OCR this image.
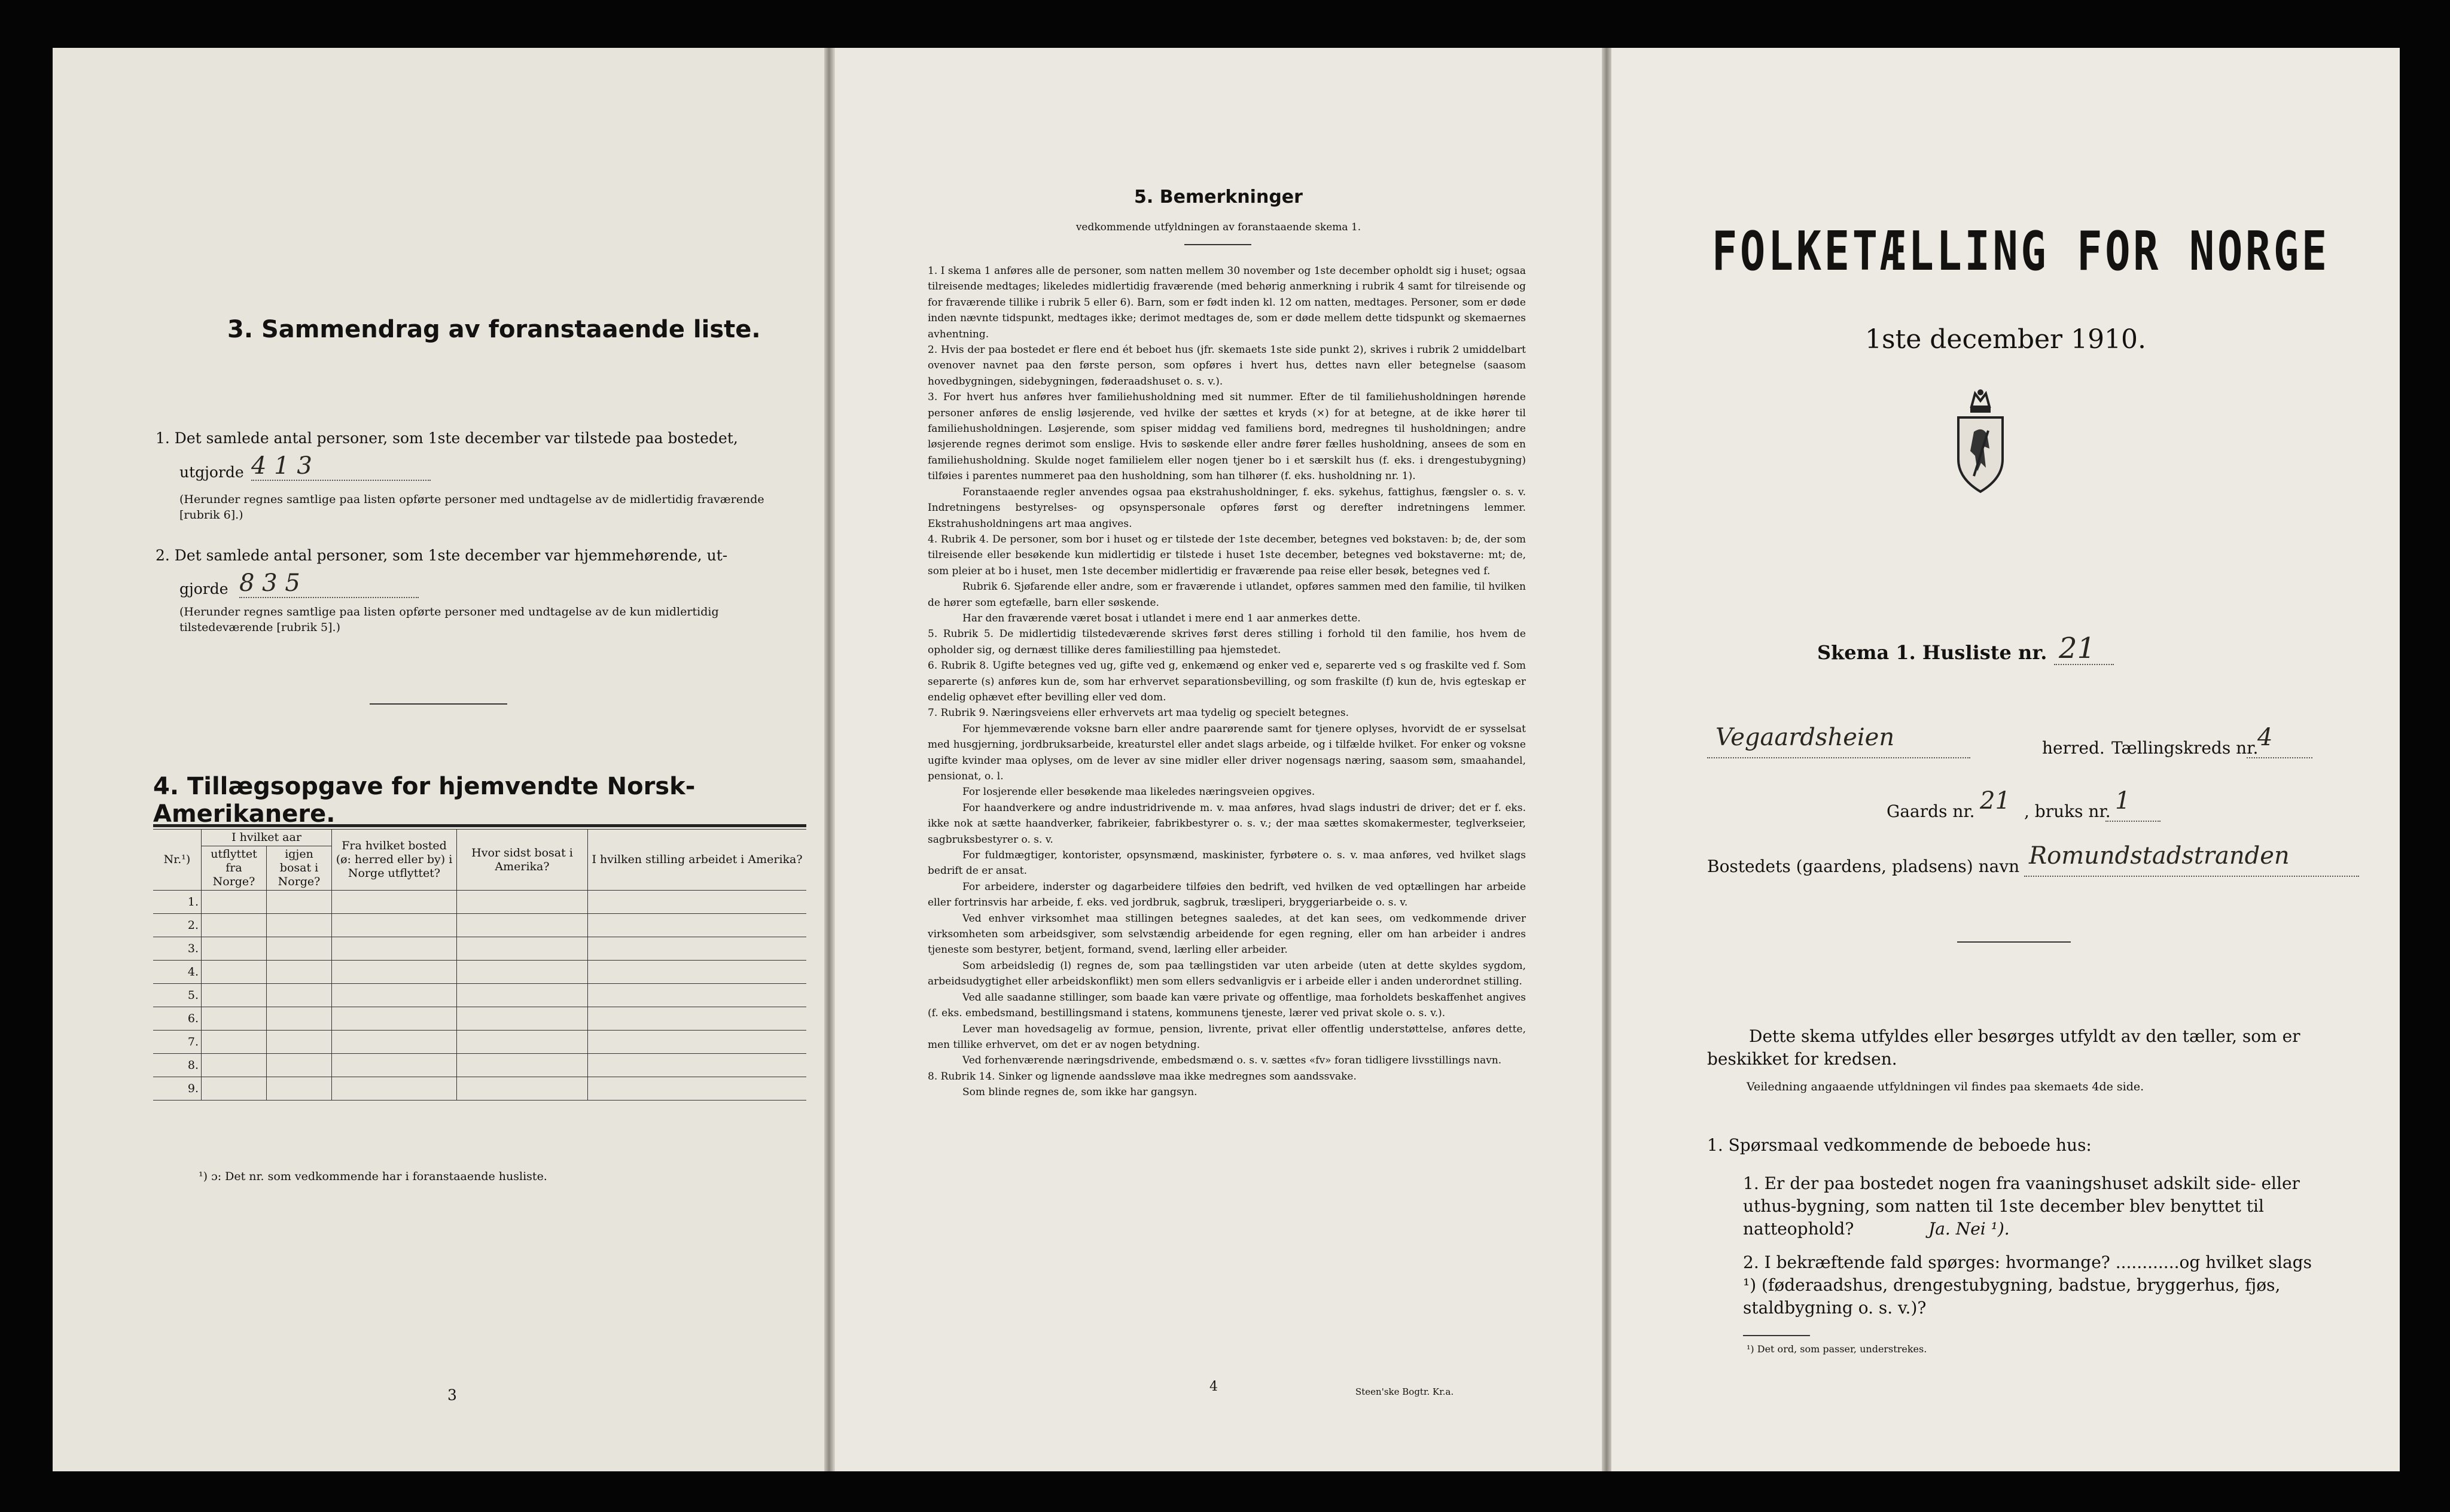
3. Sammendrag av foranstaaende liste.
1. Det samlede antal personer, som 1ste december var tilstede paa bostedet,
utgjorde 4 1 3
(Herunder regnes samtlige paa listen opførte personer med undtagelse av de midlertidig fraværende [rubrik 6].)
2. Det samlede antal personer, som 1ste december var hjemmehørende, ut-
gjorde 8 3 5
(Herunder regnes samtlige paa listen opførte personer med undtagelse av de kun midlertidig tilstedeværende [rubrik 5].)
4. Tillægsopgave for hjemvendte Norsk-Amerikanere.
Nr.¹)	I hvilket aar		Fra hvilket bosted (ø: herred eller by) i Norge utflyttet?	Hvor sidst bosat i Amerika?	I hvilken stilling arbeidet i Amerika?
	utflyttet fra Norge?	igjen bosat i Norge?			
1.					
2.					
3.					
4.					
5.					
6.					
7.					
8.					
9.					
¹) ɔ: Det nr. som vedkommende har i foranstaaende husliste.
3
5. Bemerkninger
vedkommende utfyldningen av foranstaaende skema 1.

1. I skema 1 anføres alle de personer, som natten mellem 30 november og 1ste december opholdt sig i huset; ogsaa tilreisende medtages; likeledes midlertidig fraværende (med behørig anmerkning i rubrik 4 samt for tilreisende og for fraværende tillike i rubrik 5 eller 6). Barn, som er født inden kl. 12 om natten, medtages. Personer, som er døde inden nævnte tidspunkt, medtages ikke; derimot medtages de, som er døde mellem dette tidspunkt og skemaernes avhentning.

2. Hvis der paa bostedet er flere end ét beboet hus (jfr. skemaets 1ste side punkt 2), skrives i rubrik 2 umiddelbart ovenover navnet paa den første person, som opføres i hvert hus, dettes navn eller betegnelse (saasom hovedbygningen, sidebygningen, føderaadshuset o. s. v.).

3. For hvert hus anføres hver familiehusholdning med sit nummer. Efter de til familiehusholdningen hørende personer anføres de enslig løsjerende, ved hvilke der sættes et kryds (×) for at betegne, at de ikke hører til familiehusholdningen. Løsjerende, som spiser middag ved familiens bord, medregnes til husholdningen; andre løsjerende regnes derimot som enslige. Hvis to søskende eller andre fører fælles husholdning, ansees de som en familiehusholdning. Skulde noget familielem eller nogen tjener bo i et særskilt hus (f. eks. i drengestubygning) tilføies i parentes nummeret paa den husholdning, som han tilhører (f. eks. husholdning nr. 1).

Foranstaaende regler anvendes ogsaa paa ekstrahusholdninger, f. eks. sykehus, fattighus, fængsler o. s. v. Indretningens bestyrelses- og opsynspersonale opføres først og derefter indretningens lemmer. Ekstrahusholdningens art maa angives.

4. Rubrik 4. De personer, som bor i huset og er tilstede der 1ste december, betegnes ved bokstaven: b; de, der som tilreisende eller besøkende kun midlertidig er tilstede i huset 1ste december, betegnes ved bokstaverne: mt; de, som pleier at bo i huset, men 1ste december midlertidig er fraværende paa reise eller besøk, betegnes ved f.

Rubrik 6. Sjøfarende eller andre, som er fraværende i utlandet, opføres sammen med den familie, til hvilken de hører som egtefælle, barn eller søskende.

Har den fraværende været bosat i utlandet i mere end 1 aar anmerkes dette.

5. Rubrik 5. De midlertidig tilstedeværende skrives først deres stilling i forhold til den familie, hos hvem de opholder sig, og dernæst tillike deres familiestilling paa hjemstedet.

6. Rubrik 8. Ugifte betegnes ved ug, gifte ved g, enkemænd og enker ved e, separerte ved s og fraskilte ved f. Som separerte (s) anføres kun de, som har erhvervet separationsbevilling, og som fraskilte (f) kun de, hvis egteskap er endelig ophævet efter bevilling eller ved dom.

7. Rubrik 9. Næringsveiens eller erhvervets art maa tydelig og specielt betegnes.

For hjemmeværende voksne barn eller andre paarørende samt for tjenere oplyses, hvorvidt de er sysselsat med husgjerning, jordbruksarbeide, kreaturstel eller andet slags arbeide, og i tilfælde hvilket. For enker og voksne ugifte kvinder maa oplyses, om de lever av sine midler eller driver nogensags næring, saasom søm, smaahandel, pensionat, o. l.

For losjerende eller besøkende maa likeledes næringsveien opgives.

For haandverkere og andre industridrivende m. v. maa anføres, hvad slags industri de driver; det er f. eks. ikke nok at sætte haandverker, fabrikeier, fabrikbestyrer o. s. v.; der maa sættes skomakermester, teglverkseier, sagbruksbestyrer o. s. v.

For fuldmægtiger, kontorister, opsynsmænd, maskinister, fyrbøtere o. s. v. maa anføres, ved hvilket slags bedrift de er ansat.

For arbeidere, inderster og dagarbeidere tilføies den bedrift, ved hvilken de ved optællingen har arbeide eller fortrinsvis har arbeide, f. eks. ved jordbruk, sagbruk, træsliperi, bryggeriarbeide o. s. v.

Ved enhver virksomhet maa stillingen betegnes saaledes, at det kan sees, om vedkommende driver virksomheten som arbeidsgiver, som selvstændig arbeidende for egen regning, eller om han arbeider i andres tjeneste som bestyrer, betjent, formand, svend, lærling eller arbeider.

Som arbeidsledig (l) regnes de, som paa tællingstiden var uten arbeide (uten at dette skyldes sygdom, arbeidsudygtighet eller arbeidskonflikt) men som ellers sedvanligvis er i arbeide eller i anden underordnet stilling.

Ved alle saadanne stillinger, som baade kan være private og offentlige, maa forholdets beskaffenhet angives (f. eks. embedsmand, bestillingsmand i statens, kommunens tjeneste, lærer ved privat skole o. s. v.).

Lever man hovedsagelig av formue, pension, livrente, privat eller offentlig understøttelse, anføres dette, men tillike erhvervet, om det er av nogen betydning.

Ved forhenværende næringsdrivende, embedsmænd o. s. v. sættes «fv» foran tidligere livsstillings navn.

8. Rubrik 14. Sinker og lignende aandssløve maa ikke medregnes som aandssvake.

Som blinde regnes de, som ikke har gangsyn.

4	Steen'ske Bogtr. Kr.a.
FOLKETÆLLING FOR NORGE
1ste december 1910.
Skema 1. Husliste nr. 21
Vegaardsheien	herred. Tællingskreds nr.
4
Gaards nr. 21 , bruks nr. 1
Bostedets (gaardens, pladsens) navn Romundstadstranden
Dette skema utfyldes eller besørges utfyldt av den tæller, som er beskikket for kredsen.
Veiledning angaaende utfyldningen vil findes paa skemaets 4de side.
1. Spørsmaal vedkommende de beboede hus:
1. Er der paa bostedet nogen fra vaaningshuset adskilt side- eller uthus-bygning, som natten til 1ste december blev benyttet til natteophold?	Ja. Nei ¹).
2. I bekræftende fald spørges: hvormange? ............og hvilket slags ¹) (føderaadshus, drengestubygning, badstue, bryggerhus, fjøs, staldbygning o. s. v.)?
¹) Det ord, som passer, understrekes.
